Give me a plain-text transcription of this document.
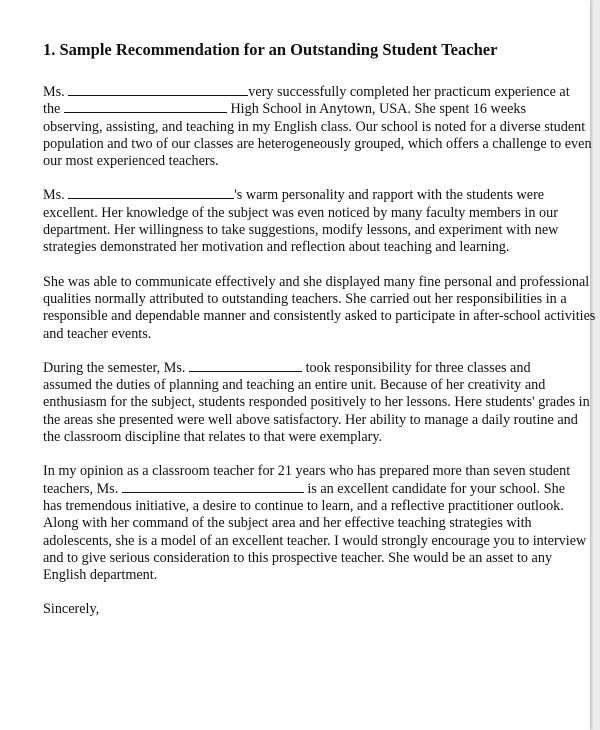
1. Sample Recommendation for an Outstanding Student Teacher
Ms.	very successfully completed her practicum experience at
the	High School in Anytown, USA. She spent 16 weeks
observing, assisting, and teaching in my English class. Our school is noted for a diverse student
population and two of our classes are heterogeneously grouped, which offers a challenge to even
our most experienced teachers.
Ms.	's warm personality and rapport with the students were
excellent. Her knowledge of the subject was even noticed by many faculty members in our
department. Her willingness to take suggestions, modify lessons, and experiment with new
strategies demonstrated her motivation and reflection about teaching and learning.
She was able to communicate effectively and she displayed many fine personal and professional
qualities normally attributed to outstanding teachers. She carried out her responsibilities in a
responsible and dependable manner and consistently asked to participate in after-school activities
and teacher events.
During the semester, Ms.	took responsibility for three classes and
assumed the duties of planning and teaching an entire unit. Because of her creativity and
enthusiasm for the subject, students responded positively to her lessons. Here students' grades in
the areas she presented were well above satisfactory. Her ability to manage a daily routine and
the classroom discipline that relates to that were exemplary.
In my opinion as a classroom teacher for 21 years who has prepared more than seven student
teachers, Ms.	is an excellent candidate for your school. She
has tremendous initiative, a desire to continue to learn, and a reflective practitioner outlook.
Along with her command of the subject area and her effective teaching strategies with
adolescents, she is a model of an excellent teacher. I would strongly encourage you to interview
and to give serious consideration to this prospective teacher. She would be an asset to any
English department.
Sincerely,
